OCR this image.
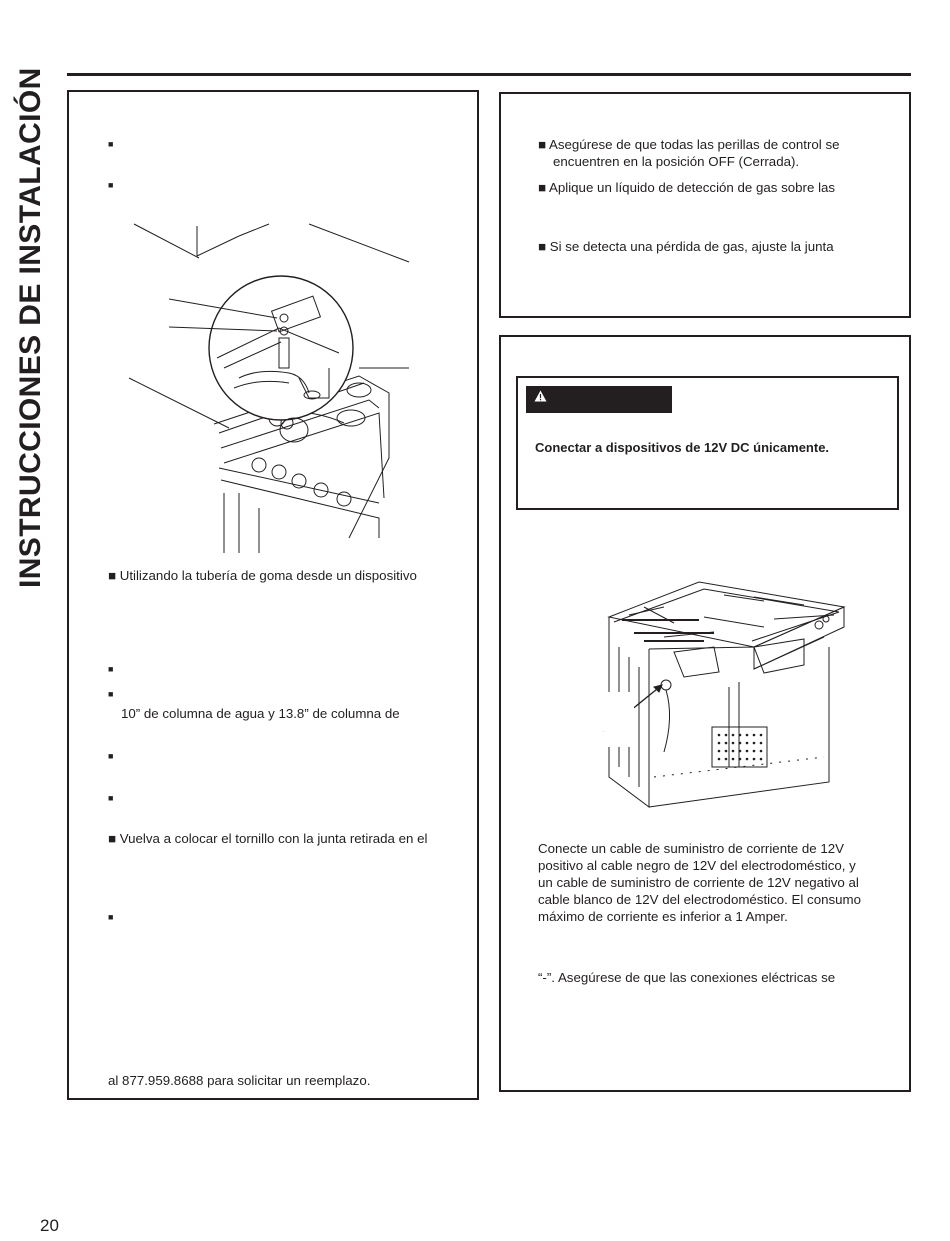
INSTRUCCIONES DE INSTALACIÓN	■
■
■ Utilizando la tubería de goma desde un dispositivo
■
■
10” de columna de agua y 13.8” de columna de
■
■
■ Vuelva a colocar el tornillo con la junta retirada en el
■
al 877.959.8688 para solicitar un reemplazo.
■ Asegúrese de que todas las perillas de control se
encuentren en la posición OFF (Cerrada).
■ Aplique un líquido de detección de gas sobre las
■ Si se detecta una pérdida de gas, ajuste la junta
Conectar a dispositivos de 12V DC únicamente.
Conecte un cable de suministro de corriente de 12V
positivo al cable negro de 12V del electrodoméstico, y
un cable de suministro de corriente de 12V negativo al
cable blanco de 12V del electrodoméstico. El consumo
máximo de corriente es inferior a 1 Amper.
“-”. Asegúrese de que las conexiones eléctricas se
20
